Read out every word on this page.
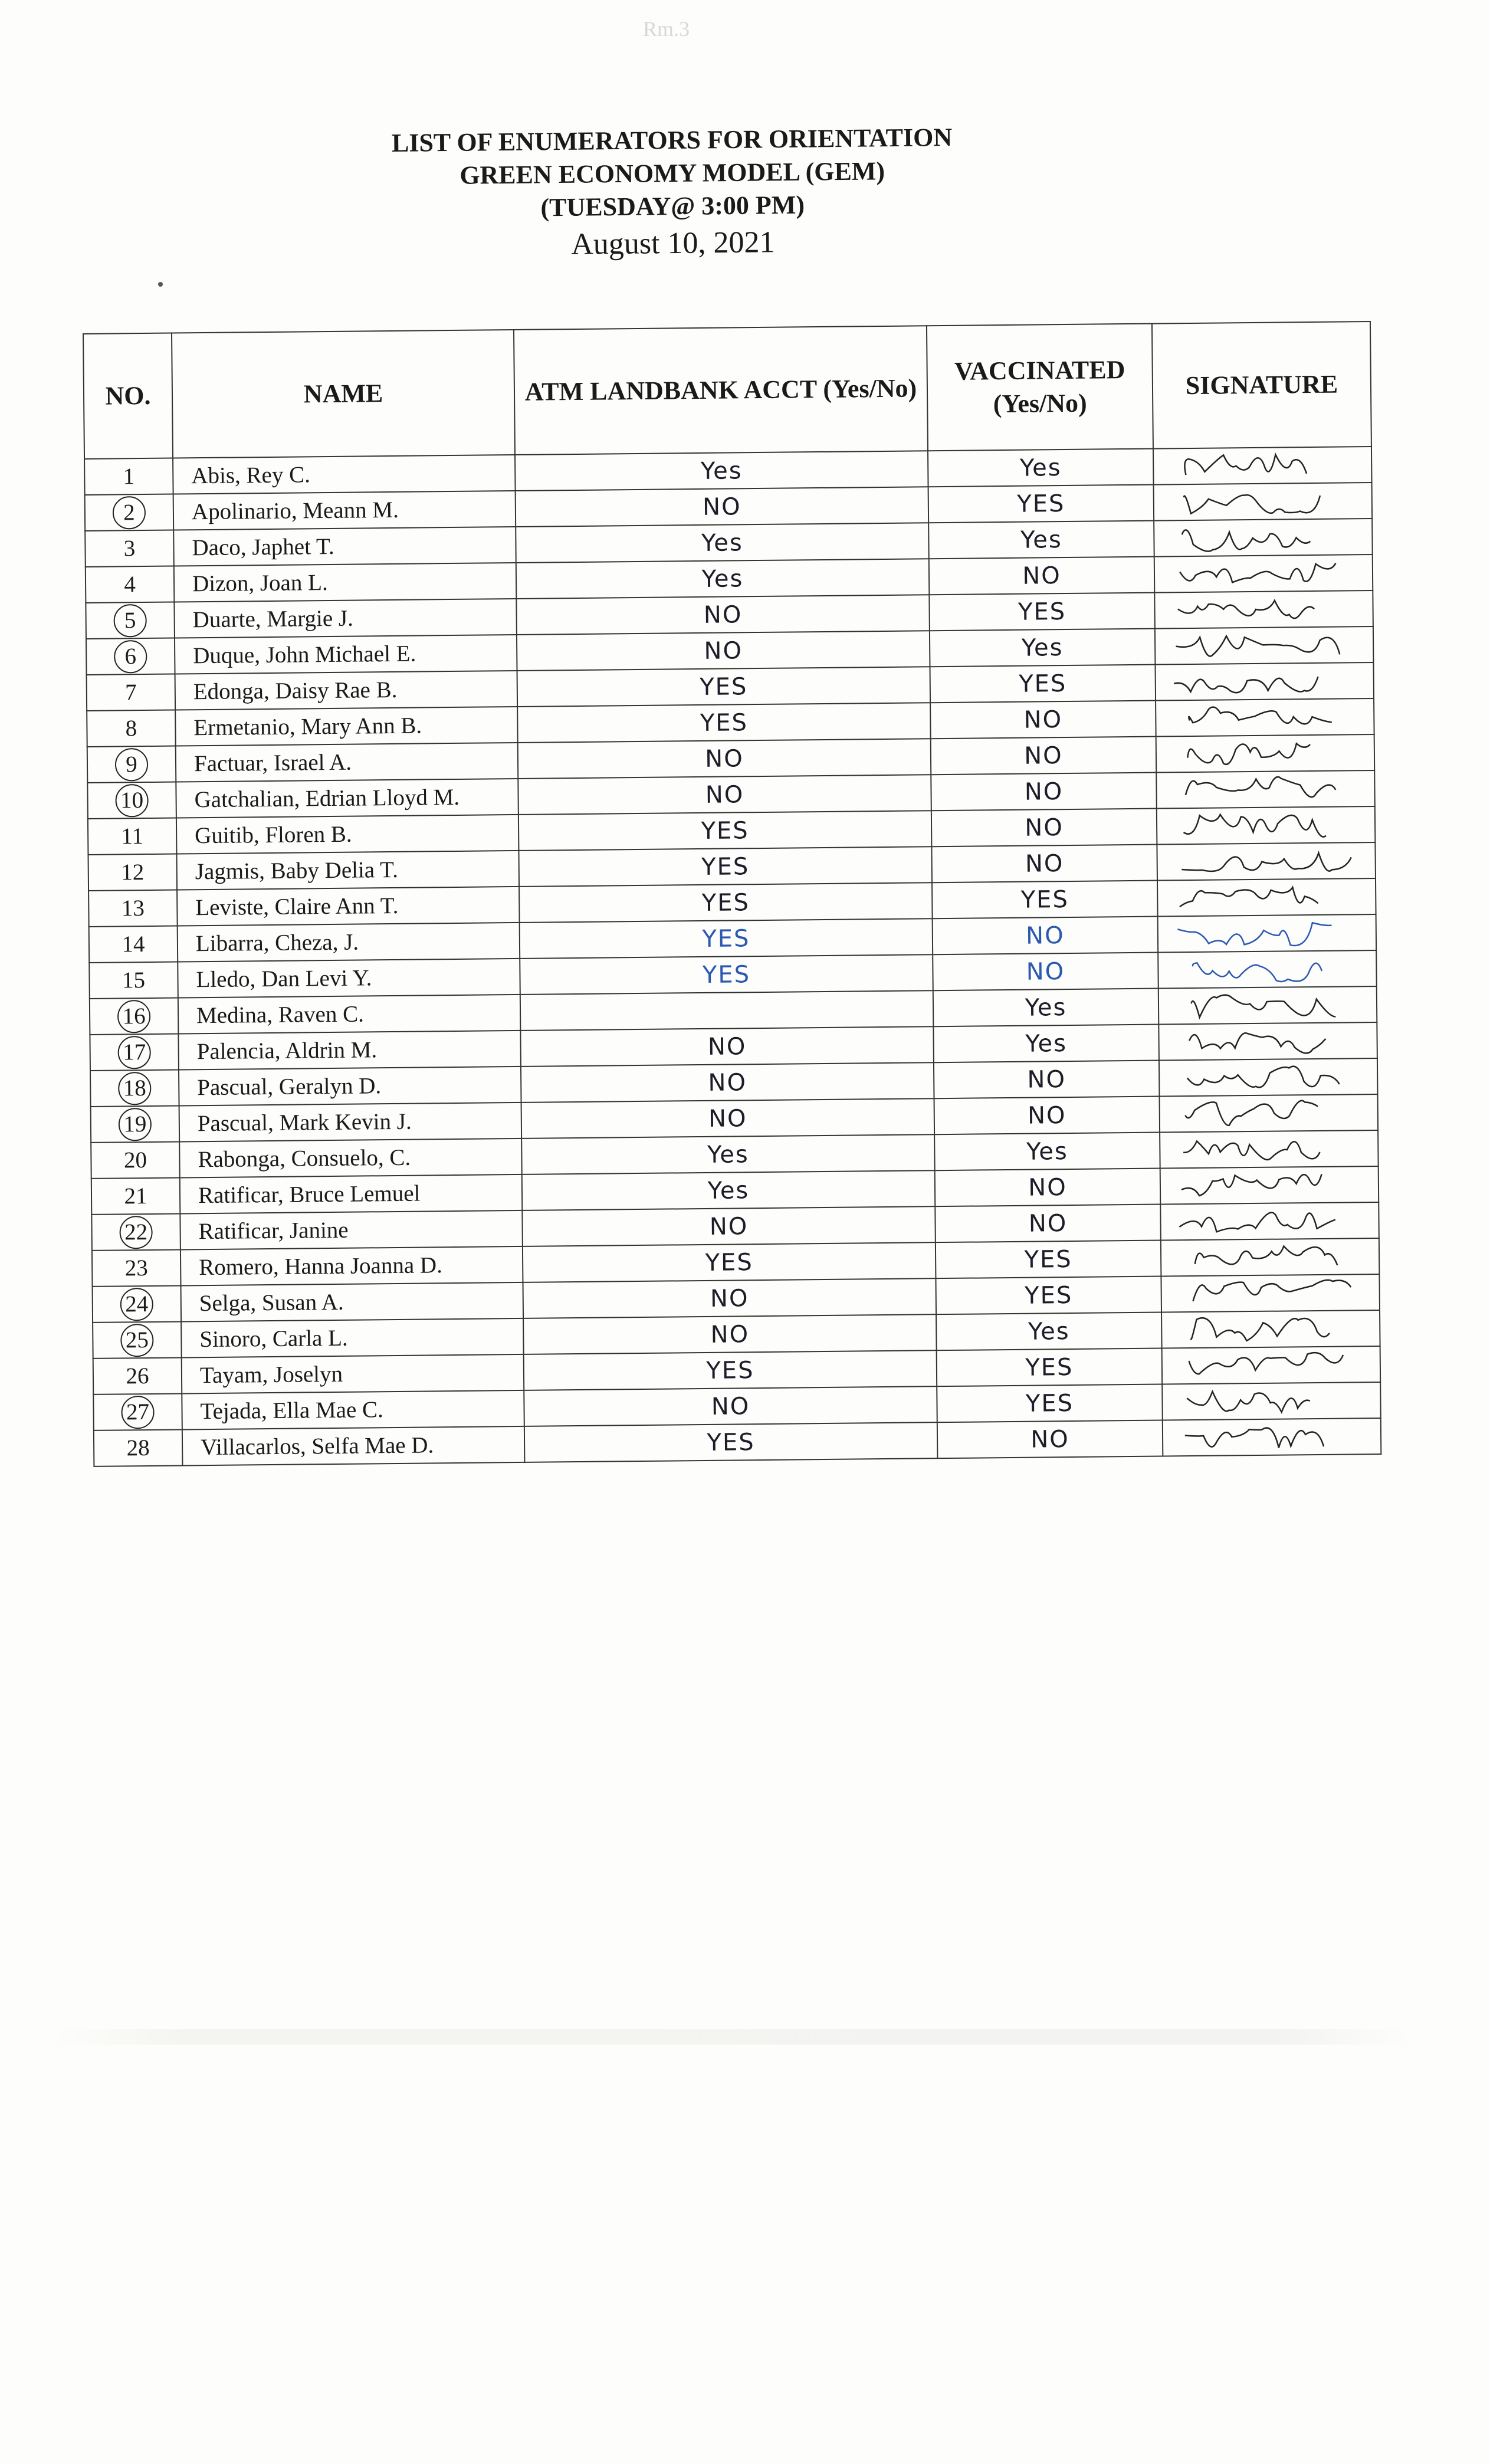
Rm.3
LIST OF ENUMERATORS FOR ORIENTATION
GREEN ECONOMY MODEL (GEM)
(TUESDAY@ 3:00 PM)
August 10, 2021
NO.	NAME	ATM LANDBANK ACCT (Yes/No)	VACCINATED (Yes/No)	SIGNATURE
1	Abis, Rey C.	Yes	Yes	

2	Apolinario, Meann M.	NO	YES	

3	Daco, Japhet T.	Yes	Yes	

4	Dizon, Joan L.	Yes	NO	

5	Duarte, Margie J.	NO	YES	

6	Duque, John Michael E.	NO	Yes	

7	Edonga, Daisy Rae B.	YES	YES	

8	Ermetanio, Mary Ann B.	YES	NO	

9	Factuar, Israel A.	NO	NO	

10	Gatchalian, Edrian Lloyd M.	NO	NO	

11	Guitib, Floren B.	YES	NO	

12	Jagmis, Baby Delia T.	YES	NO	

13	Leviste, Claire Ann T.	YES	YES	

14	Libarra, Cheza, J.	YES	NO	

15	Lledo, Dan Levi Y.	YES	NO	

16	Medina, Raven C.		Yes	

17	Palencia, Aldrin M.	NO	Yes	

18	Pascual, Geralyn D.	NO	NO	

19	Pascual, Mark Kevin J.	NO	NO	

20	Rabonga, Consuelo, C.	Yes	Yes	

21	Ratificar, Bruce Lemuel	Yes	NO	

22	Ratificar, Janine	NO	NO	

23	Romero, Hanna Joanna D.	YES	YES	

24	Selga, Susan A.	NO	YES	

25	Sinoro, Carla L.	NO	Yes	

26	Tayam, Joselyn	YES	YES	

27	Tejada, Ella Mae C.	NO	YES	

28	Villacarlos, Selfa Mae D.	YES	NO	
